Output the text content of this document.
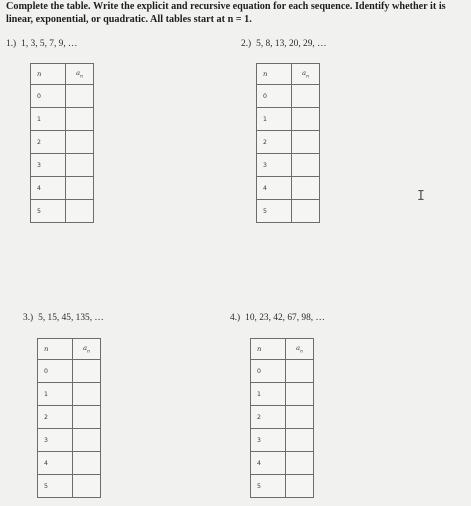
Complete the table. Write the explicit and recursive equation for each sequence. Identify whether it is linear, exponential, or quadratic. All tables start at n = 1.
1.) 1, 3, 5, 7, 9, …
n	$a_n$
0	
1	
2	
3	
4	
5	
2.) 5, 8, 13, 20, 29, …
n	$a_n$
0	
1	
2	
3	
4	
5	
3.) 5, 15, 45, 135, …
n	$a_n$
0	
1	
2	
3	
4	
5	
4.) 10, 23, 42, 67, 98, …
n	$a_n$
0	
1	
2	
3	
4	
5	
I
